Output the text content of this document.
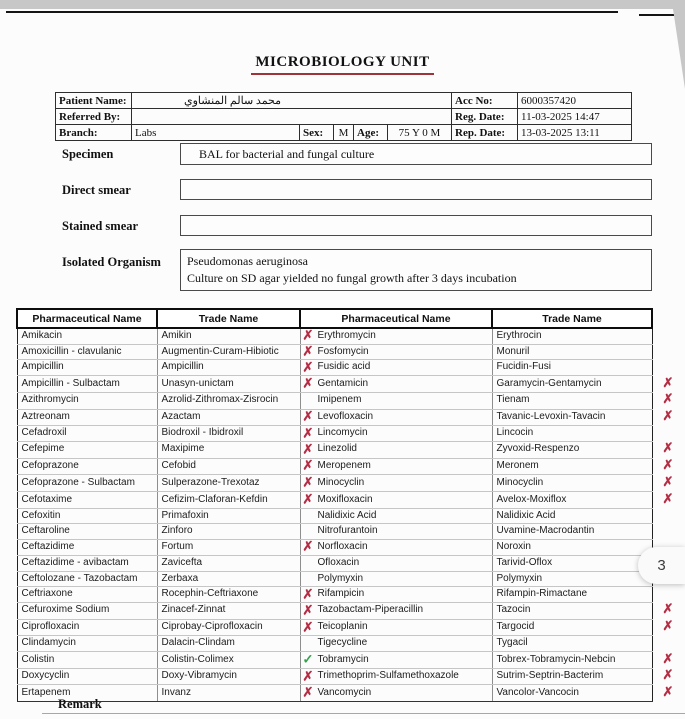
MICROBIOLOGY UNIT
Patient Name:	محمد سالم المنشاوي					Acc No:	6000357420
Referred By:						Reg. Date:	11-03-2025 14:47
Branch:	Labs	Sex:	M	Age:	75 Y 0 M	Rep. Date:	13-03-2025 13:11
Specimen	BAL for bacterial and fungal culture
Direct smear
Stained smear
Isolated Organism Pseudomonas aeruginosa
Culture on SD agar yielded no fungal growth after 3 days incubation
Pharmaceutical Name	Trade Name	Pharmaceutical Name	Trade Name	
Amikacin	Amikin	✗ Erythromycin	Erythrocin	
Amoxicillin - clavulanic	Augmentin-Curam-Hibiotic	✗ Fosfomycin	Monuril	
Ampicillin	Ampicillin	✗ Fusidic acid	Fucidin-Fusi	
Ampicillin - Sulbactam	Unasyn-unictam	✗ Gentamicin	Garamycin-Gentamycin	✗
Azithromycin	Azrolid-Zithromax-Zisrocin	Imipenem	Tienam	✗
Aztreonam	Azactam	✗ Levofloxacin	Tavanic-Levoxin-Tavacin	✗
Cefadroxil	Biodroxil - Ibidroxil	✗ Lincomycin	Lincocin	
Cefepime	Maxipime	✗ Linezolid	Zyvoxid-Respenzo	✗
Cefoprazone	Cefobid	✗ Meropenem	Meronem	✗
Cefoprazone - Sulbactam	Sulperazone-Trexotaz	✗ Minocyclin	Minocyclin	✗
Cefotaxime	Cefizim-Claforan-Kefdin	✗ Moxifloxacin	Avelox-Moxiflox	✗
Cefoxitin	Primafoxin	Nalidixic Acid	Nalidixic Acid	
Ceftaroline	Zinforo	Nitrofurantoin	Uvamine-Macrodantin	
Ceftazidime	Fortum	✗ Norfloxacin	Noroxin	
Ceftazidime - avibactam	Zavicefta	Ofloxacin	Tarivid-Oflox	
Ceftolozane - Tazobactam	Zerbaxa	Polymyxin	Polymyxin	
Ceftriaxone	Rocephin-Ceftriaxone	✗ Rifampicin	Rifampin-Rimactane	
Cefuroxime Sodium	Zinacef-Zinnat	✗ Tazobactam-Piperacillin	Tazocin	✗
Ciprofloxacin	Ciprobay-Ciprofloxacin	✗ Teicoplanin	Targocid	✗
Clindamycin	Dalacin-Clindam	Tigecycline	Tygacil	
Colistin	Colistin-Colimex	✓ Tobramycin	Tobrex-Tobramycin-Nebcin	✗
Doxycyclin	Doxy-Vibramycin	✗ Trimethoprim-Sulfamethoxazole	Sutrim-Septrin-Bacterim	✗
Ertapenem	Invanz	✗ Vancomycin	Vancolor-Vancocin	✗
Remark
3
